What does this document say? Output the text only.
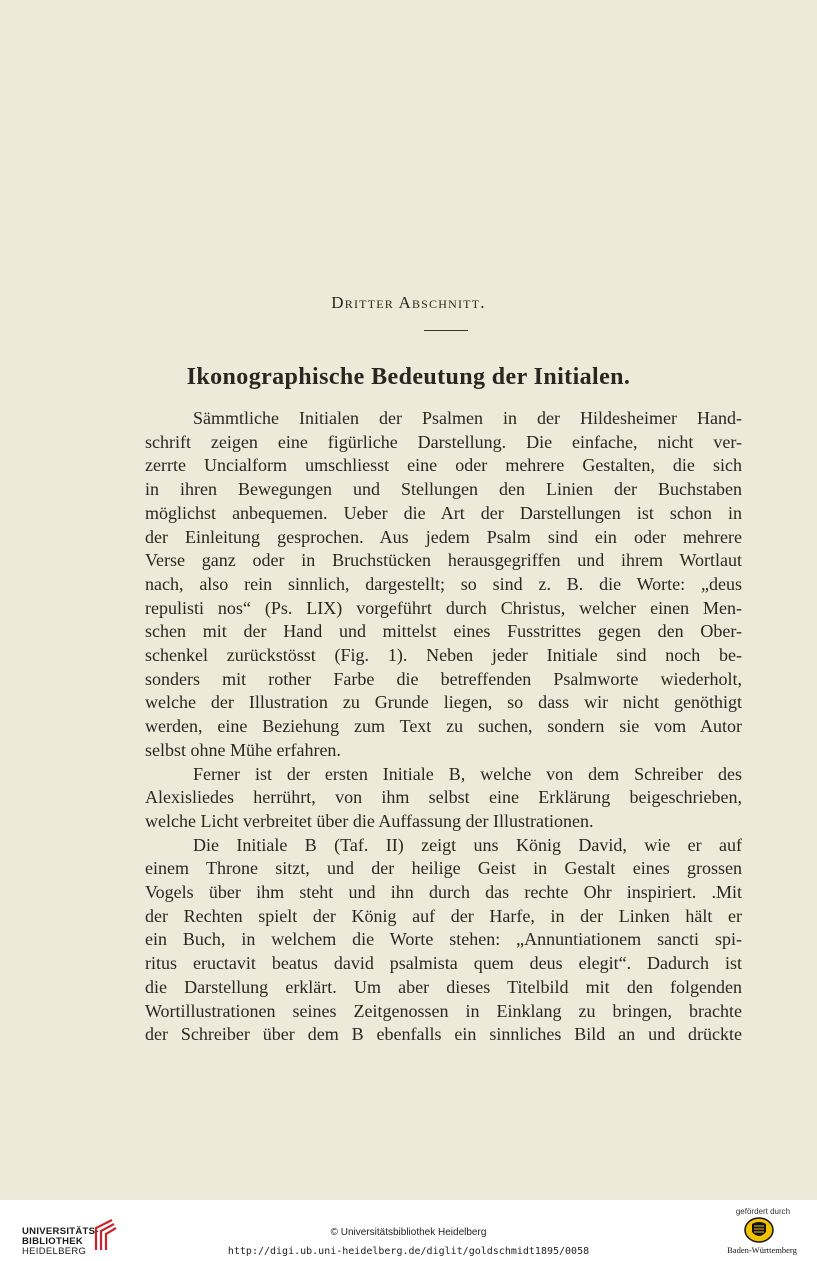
Dritter Abschnitt.
Ikonographische Bedeutung der Initialen.
Sämmtliche Initialen der Psalmen in der Hildesheimer Hand-
schrift zeigen eine figürliche Darstellung. Die einfache, nicht ver-
zerrte Uncialform umschliesst eine oder mehrere Gestalten, die sich
in ihren Bewegungen und Stellungen den Linien der Buchstaben
möglichst anbequemen. Ueber die Art der Darstellungen ist schon in
der Einleitung gesprochen. Aus jedem Psalm sind ein oder mehrere
Verse ganz oder in Bruchstücken herausgegriffen und ihrem Wortlaut
nach, also rein sinnlich, dargestellt; so sind z. B. die Worte: „deus
repulisti nos“ (Ps. LIX) vorgeführt durch Christus, welcher einen Men-
schen mit der Hand und mittelst eines Fusstrittes gegen den Ober-
schenkel zurückstösst (Fig. 1). Neben jeder Initiale sind noch be-
sonders mit rother Farbe die betreffenden Psalmworte wiederholt,
welche der Illustration zu Grunde liegen, so dass wir nicht genöthigt
werden, eine Beziehung zum Text zu suchen, sondern sie vom Autor
selbst ohne Mühe erfahren.
Ferner ist der ersten Initiale B, welche von dem Schreiber des
Alexisliedes herrührt, von ihm selbst eine Erklärung beigeschrieben,
welche Licht verbreitet über die Auffassung der Illustrationen.
Die Initiale B (Taf. II) zeigt uns König David, wie er auf
einem Throne sitzt, und der heilige Geist in Gestalt eines grossen
Vogels über ihm steht und ihn durch das rechte Ohr inspiriert. .Mit
der Rechten spielt der König auf der Harfe, in der Linken hält er
ein Buch, in welchem die Worte stehen: „Annuntiationem sancti spi-
ritus eructavit beatus david psalmista quem deus elegit“. Dadurch ist
die Darstellung erklärt. Um aber dieses Titelbild mit den folgenden
Wortillustrationen seines Zeitgenossen in Einklang zu bringen, brachte
der Schreiber über dem B ebenfalls ein sinnliches Bild an und drückte
UNIVERSITÄTS-
BIBLIOTHEK
HEIDELBERG
© Universitätsbibliothek Heidelberg
http://digi.ub.uni-heidelberg.de/diglit/goldschmidt1895/0058
gefördert durch
Baden-Württemberg
